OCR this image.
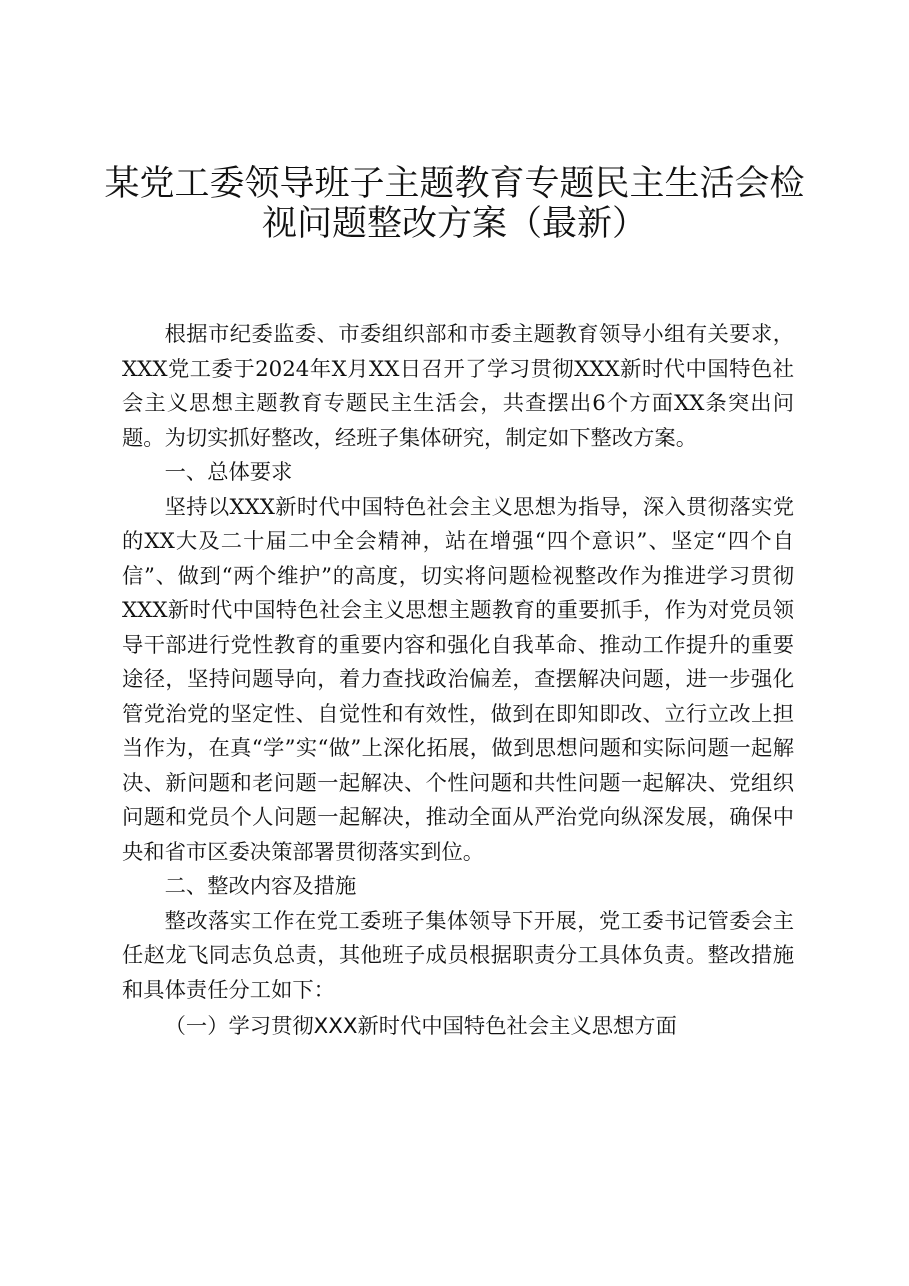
某党工委领导班子主题教育专题民主生活会检
视问题整改方案（最新）

根据市纪委监委、市委组织部和市委主题教育领导小组有关要求，XXX党工委于2024年X月XX日召开了学习贯彻XXX新时代中国特色社会主义思想主题教育专题民主生活会，共查摆出6个方面XX条突出问题。为切实抓好整改，经班子集体研究，制定如下整改方案。

一、总体要求

坚持以XXX新时代中国特色社会主义思想为指导，深入贯彻落实党的XX大及二十届二中全会精神，站在增强“四个意识”、坚定“四个自信”、做到“两个维护”的高度，切实将问题检视整改作为推进学习贯彻XXX新时代中国特色社会主义思想主题教育的重要抓手，作为对党员领导干部进行党性教育的重要内容和强化自我革命、推动工作提升的重要途径，坚持问题导向，着力查找政治偏差，查摆解决问题，进一步强化管党治党的坚定性、自觉性和有效性，做到在即知即改、立行立改上担当作为，在真“学”实“做”上深化拓展，做到思想问题和实际问题一起解决、新问题和老问题一起解决、个性问题和共性问题一起解决、党组织问题和党员个人问题一起解决，推动全面从严治党向纵深发展，确保中央和省市区委决策部署贯彻落实到位。

二、整改内容及措施

整改落实工作在党工委班子集体领导下开展，党工委书记管委会主任赵龙飞同志负总责，其他班子成员根据职责分工具体负责。整改措施和具体责任分工如下：

（一）学习贯彻XXX新时代中国特色社会主义思想方面
